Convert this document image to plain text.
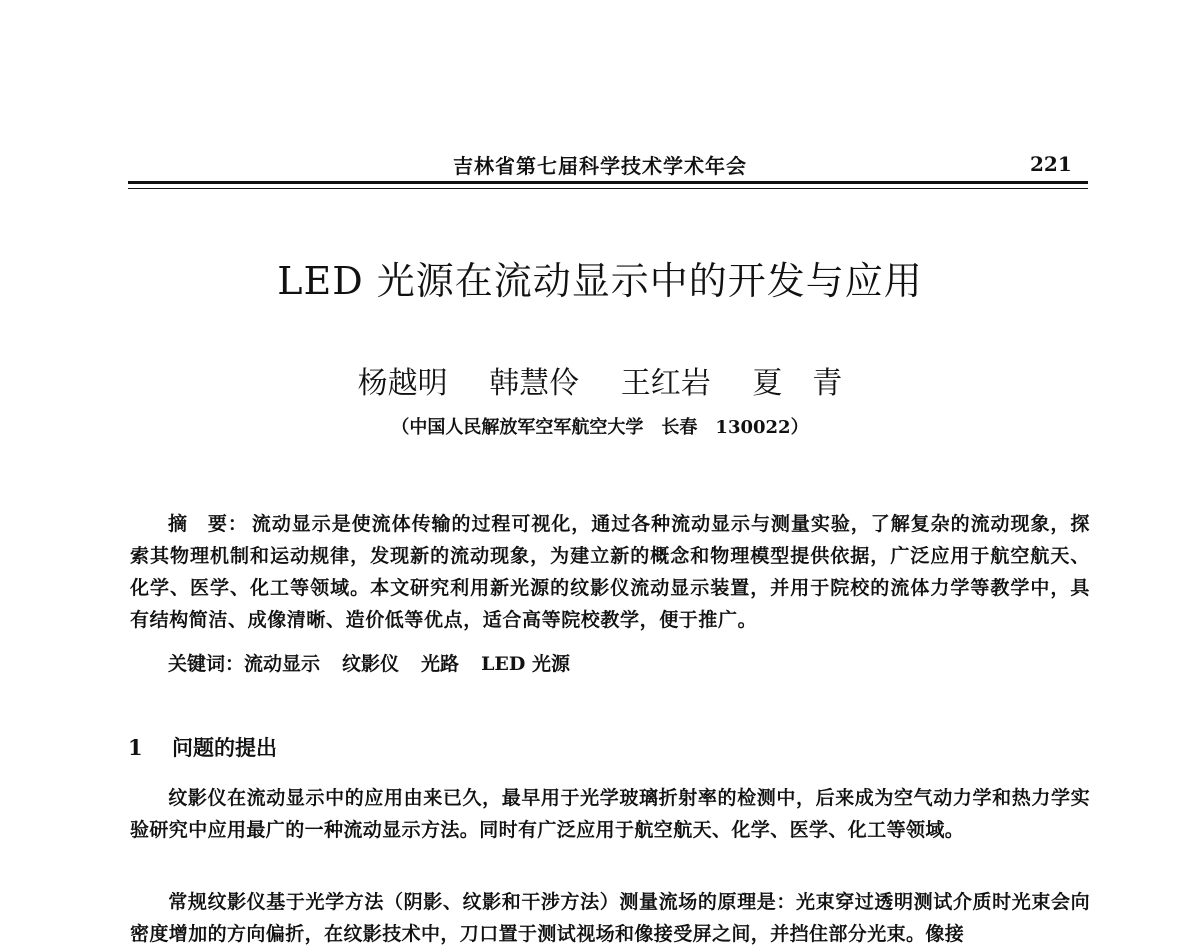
吉林省第七届科学技术学术年会	221
LED 光源在流动显示中的开发与应用
杨越明 韩慧伶 王红岩 夏　青
（中国人民解放军空军航空大学　长春　130022）
摘　要： 流动显示是使流体传输的过程可视化，通过各种流动显示与测量实验，了解复杂的流动现象，探索其物理机制和运动规律，发现新的流动现象，为建立新的概念和物理模型提供依据，广泛应用于航空航天、化学、医学、化工等领域。本文研究利用新光源的纹影仪流动显示装置，并用于院校的流体力学等教学中，具有结构简洁、成像清晰、造价低等优点，适合高等院校教学，便于推广。
关键词：流动显示 纹影仪 光路 LED 光源
1 问题的提出
纹影仪在流动显示中的应用由来已久，最早用于光学玻璃折射率的检测中，后来成为空气动力学和热力学实验研究中应用最广的一种流动显示方法。同时有广泛应用于航空航天、化学、医学、化工等领域。
常规纹影仪基于光学方法（阴影、纹影和干涉方法）测量流场的原理是：光束穿过透明测试介质时光束会向密度增加的方向偏折，在纹影技术中，刀口置于测试视场和像接受屏之间，并挡住部分光束。像接
